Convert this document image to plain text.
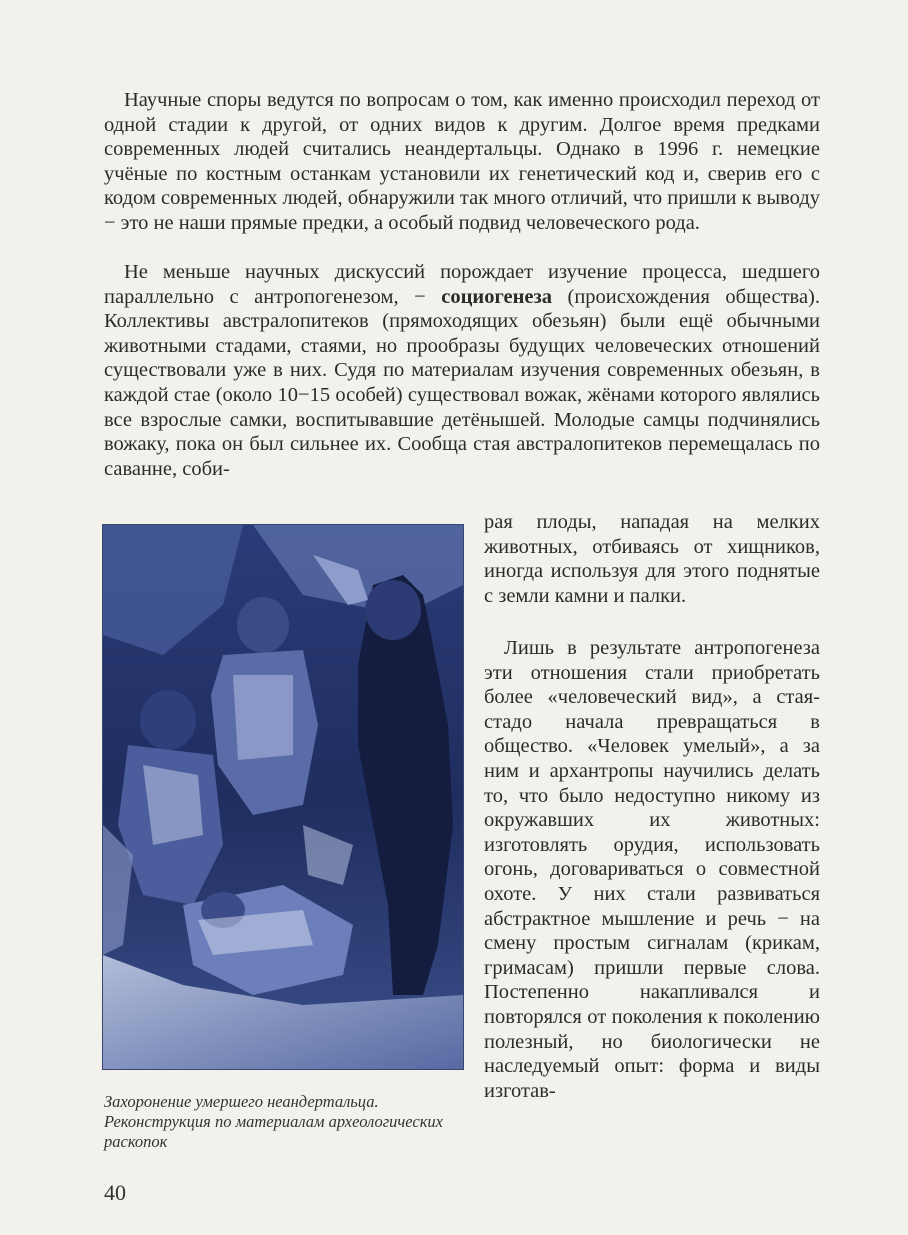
Научные споры ведутся по вопросам о том, как именно происходил переход от одной стадии к другой, от одних видов к другим. Долгое время предками современных людей считались неандертальцы. Однако в 1996 г. немецкие учёные по костным останкам установили их генетический код и, сверив его с кодом современных людей, обнаружили так много отличий, что пришли к выводу − это не наши прямые предки, а особый подвид человеческого рода.

Не меньше научных дискуссий порождает изучение процесса, шедшего параллельно с антропогенезом, − социогенеза (происхождения общества). Коллективы австралопитеков (прямоходящих обезьян) были ещё обычными животными стадами, стаями, но прообразы будущих человеческих отношений существовали уже в них. Судя по материалам изучения современных обезьян, в каждой стае (около 10−15 особей) существовал вожак, жёнами которого являлись все взрослые самки, воспитывавшие детёнышей. Молодые самцы подчинялись вожаку, пока он был сильнее их. Сообща стая австралопитеков перемещалась по саванне, соби-

рая плоды, нападая на мелких животных, отбиваясь от хищников, иногда используя для этого поднятые с земли камни и палки.

Лишь в результате антропогенеза эти отношения стали приобретать более «человеческий вид», а стая-стадо начала превращаться в общество. «Человек умелый», а за ним и архантропы научились делать то, что было недоступно никому из окружавших их животных: изготовлять орудия, использовать огонь, договариваться о совместной охоте. У них стали развиваться абстрактное мышление и речь − на смену простым сигналам (крикам, гримасам) пришли первые слова. Постепенно накапливался и повторялся от поколения к поколению полезный, но биологически не наследуемый опыт: форма и виды изготав-

Захоронение умершего неандертальца. Реконструкция по материалам археологических раскопок

40
